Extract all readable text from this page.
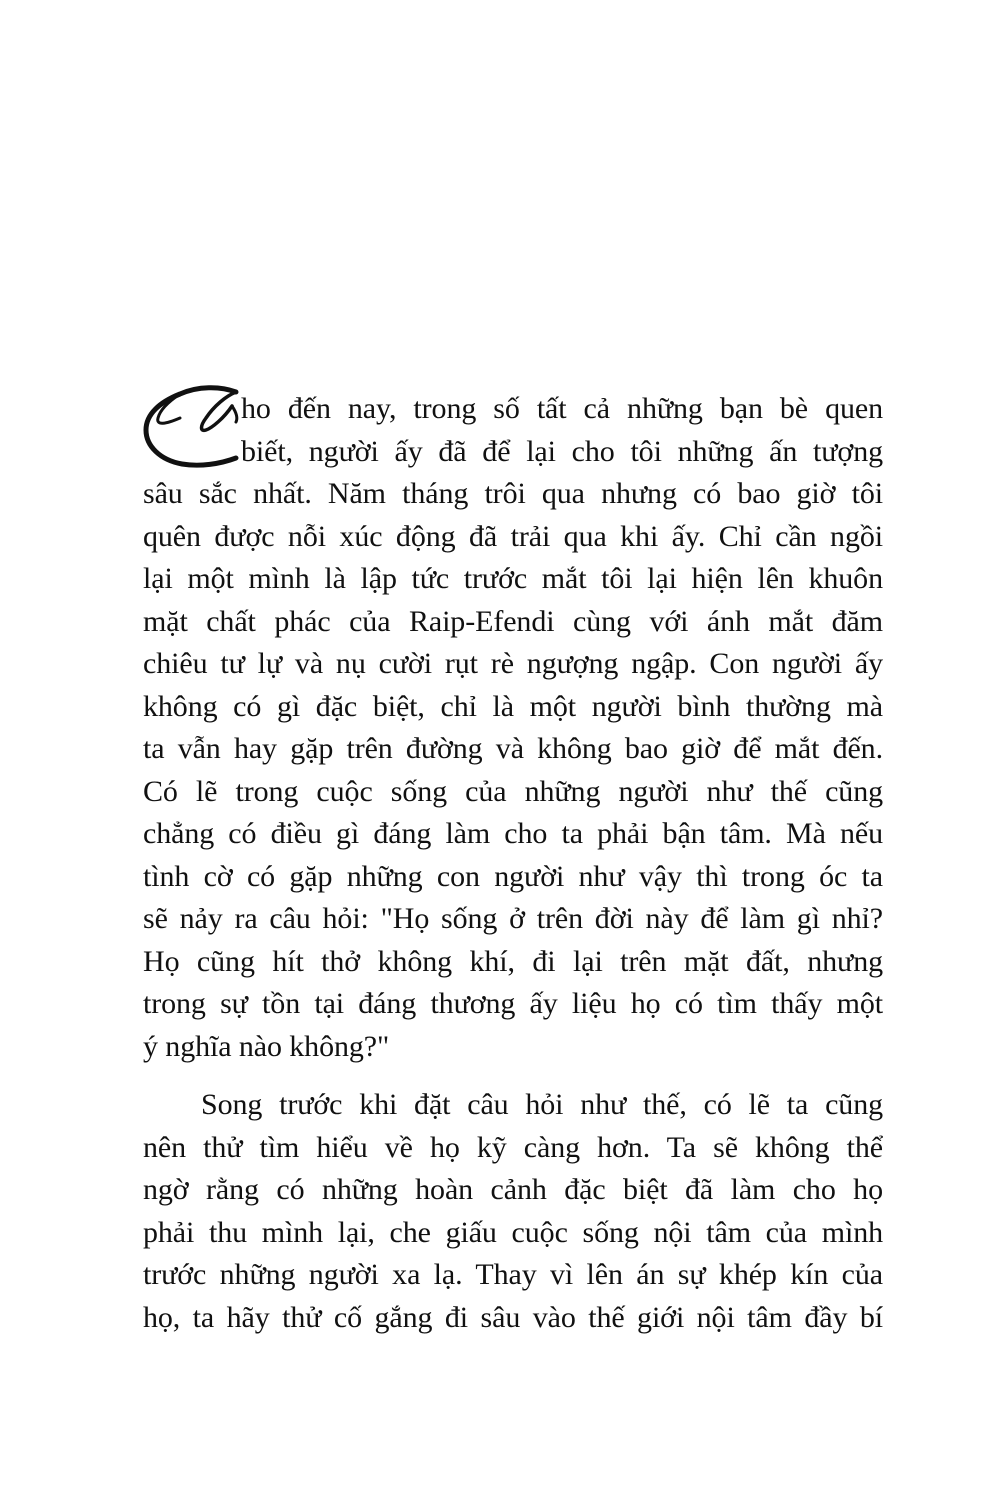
ho đến nay, trong số tất cả những bạn bè quen
biết, người ấy đã để lại cho tôi những ấn tượng
sâu sắc nhất. Năm tháng trôi qua nhưng có bao giờ tôi
quên được nỗi xúc động đã trải qua khi ấy. Chỉ cần ngồi
lại một mình là lập tức trước mắt tôi lại hiện lên khuôn
mặt chất phác của Raip-Efendi cùng với ánh mắt đăm
chiêu tư lự và nụ cười rụt rè ngượng ngập. Con người ấy
không có gì đặc biệt, chỉ là một người bình thường mà
ta vẫn hay gặp trên đường và không bao giờ để mắt đến.
Có lẽ trong cuộc sống của những người như thế cũng
chẳng có điều gì đáng làm cho ta phải bận tâm. Mà nếu
tình cờ có gặp những con người như vậy thì trong óc ta
sẽ nảy ra câu hỏi: "Họ sống ở trên đời này để làm gì nhỉ?
Họ cũng hít thở không khí, đi lại trên mặt đất, nhưng
trong sự tồn tại đáng thương ấy liệu họ có tìm thấy một
ý nghĩa nào không?"
Song trước khi đặt câu hỏi như thế, có lẽ ta cũng
nên thử tìm hiểu về họ kỹ càng hơn. Ta sẽ không thể
ngờ rằng có những hoàn cảnh đặc biệt đã làm cho họ
phải thu mình lại, che giấu cuộc sống nội tâm của mình
trước những người xa lạ. Thay vì lên án sự khép kín của
họ, ta hãy thử cố gắng đi sâu vào thế giới nội tâm đầy bí
